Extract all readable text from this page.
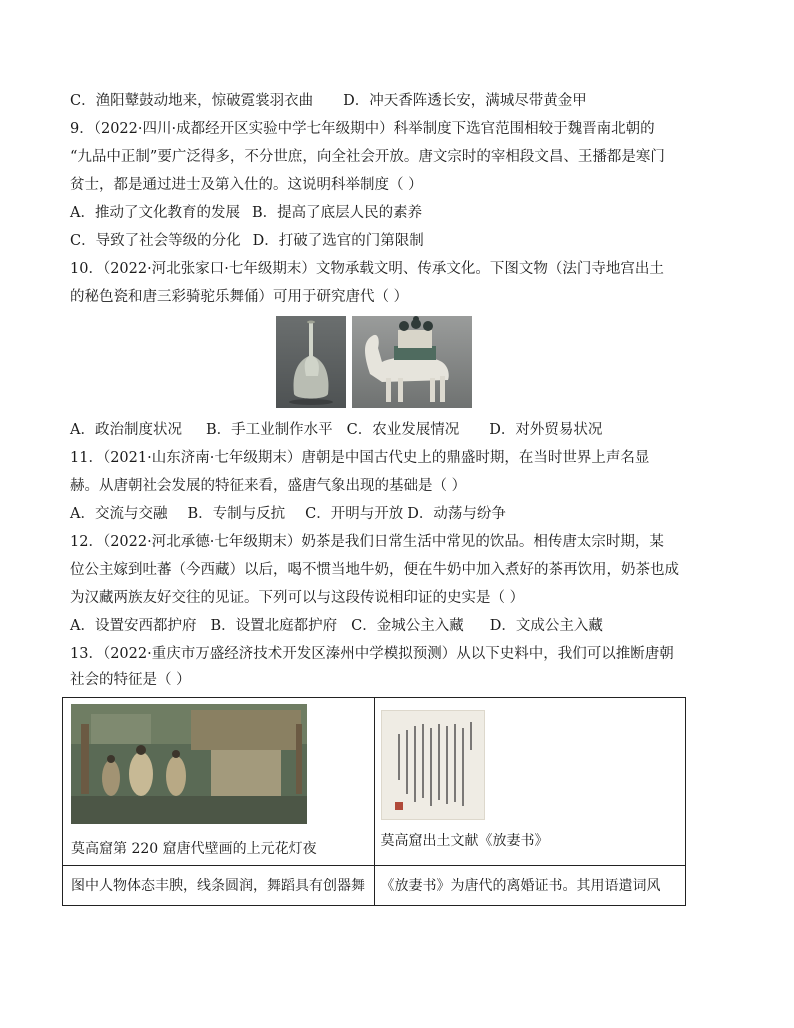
C．渔阳鼙鼓动地来，惊破霓裳羽衣曲 D．冲天香阵透长安，满城尽带黄金甲
9．（2022·四川·成都经开区实验中学七年级期中）科举制度下选官范围相较于魏晋南北朝的
“九品中正制”要广泛得多，不分世庶，向全社会开放。唐文宗时的宰相段文昌、王播都是寒门
贫士，都是通过进士及第入仕的。这说明科举制度（ ）
A．推动了文化教育的发展 B．提高了底层人民的素养
C．导致了社会等级的分化 D．打破了选官的门第限制
10．（2022·河北张家口·七年级期末）文物承载文明、传承文化。下图文物（法门寺地宫出土
的秘色瓷和唐三彩骑驼乐舞俑）可用于研究唐代（ ）
A．政治制度状况 B．手工业制作水平 C．农业发展情况 D．对外贸易状况
11．（2021·山东济南·七年级期末）唐朝是中国古代史上的鼎盛时期，在当时世界上声名显
赫。从唐朝社会发展的特征来看，盛唐气象出现的基础是（ ）
A．交流与交融 B．专制与反抗 C．开明与开放 D．动荡与纷争
12．（2022·河北承德·七年级期末）奶茶是我们日常生活中常见的饮品。相传唐太宗时期，某
位公主嫁到吐蕃（今西藏）以后，喝不惯当地牛奶，便在牛奶中加入煮好的茶再饮用，奶茶也成
为汉藏两族友好交往的见证。下列可以与这段传说相印证的史实是（ ）
A．设置安西都护府 B．设置北庭都护府 C．金城公主入藏 D．文成公主入藏
13．（2022·重庆市万盛经济技术开发区溱州中学模拟预测）从以下史料中，我们可以推断唐朝
社会的特征是（ ）
莫高窟第 220 窟唐代壁画的上元花灯夜	莫高窟出土文献《放妻书》

图中人物体态丰腴，线条圆润，舞蹈具有创器舞	《放妻书》为唐代的离婚证书。其用语遣词风
